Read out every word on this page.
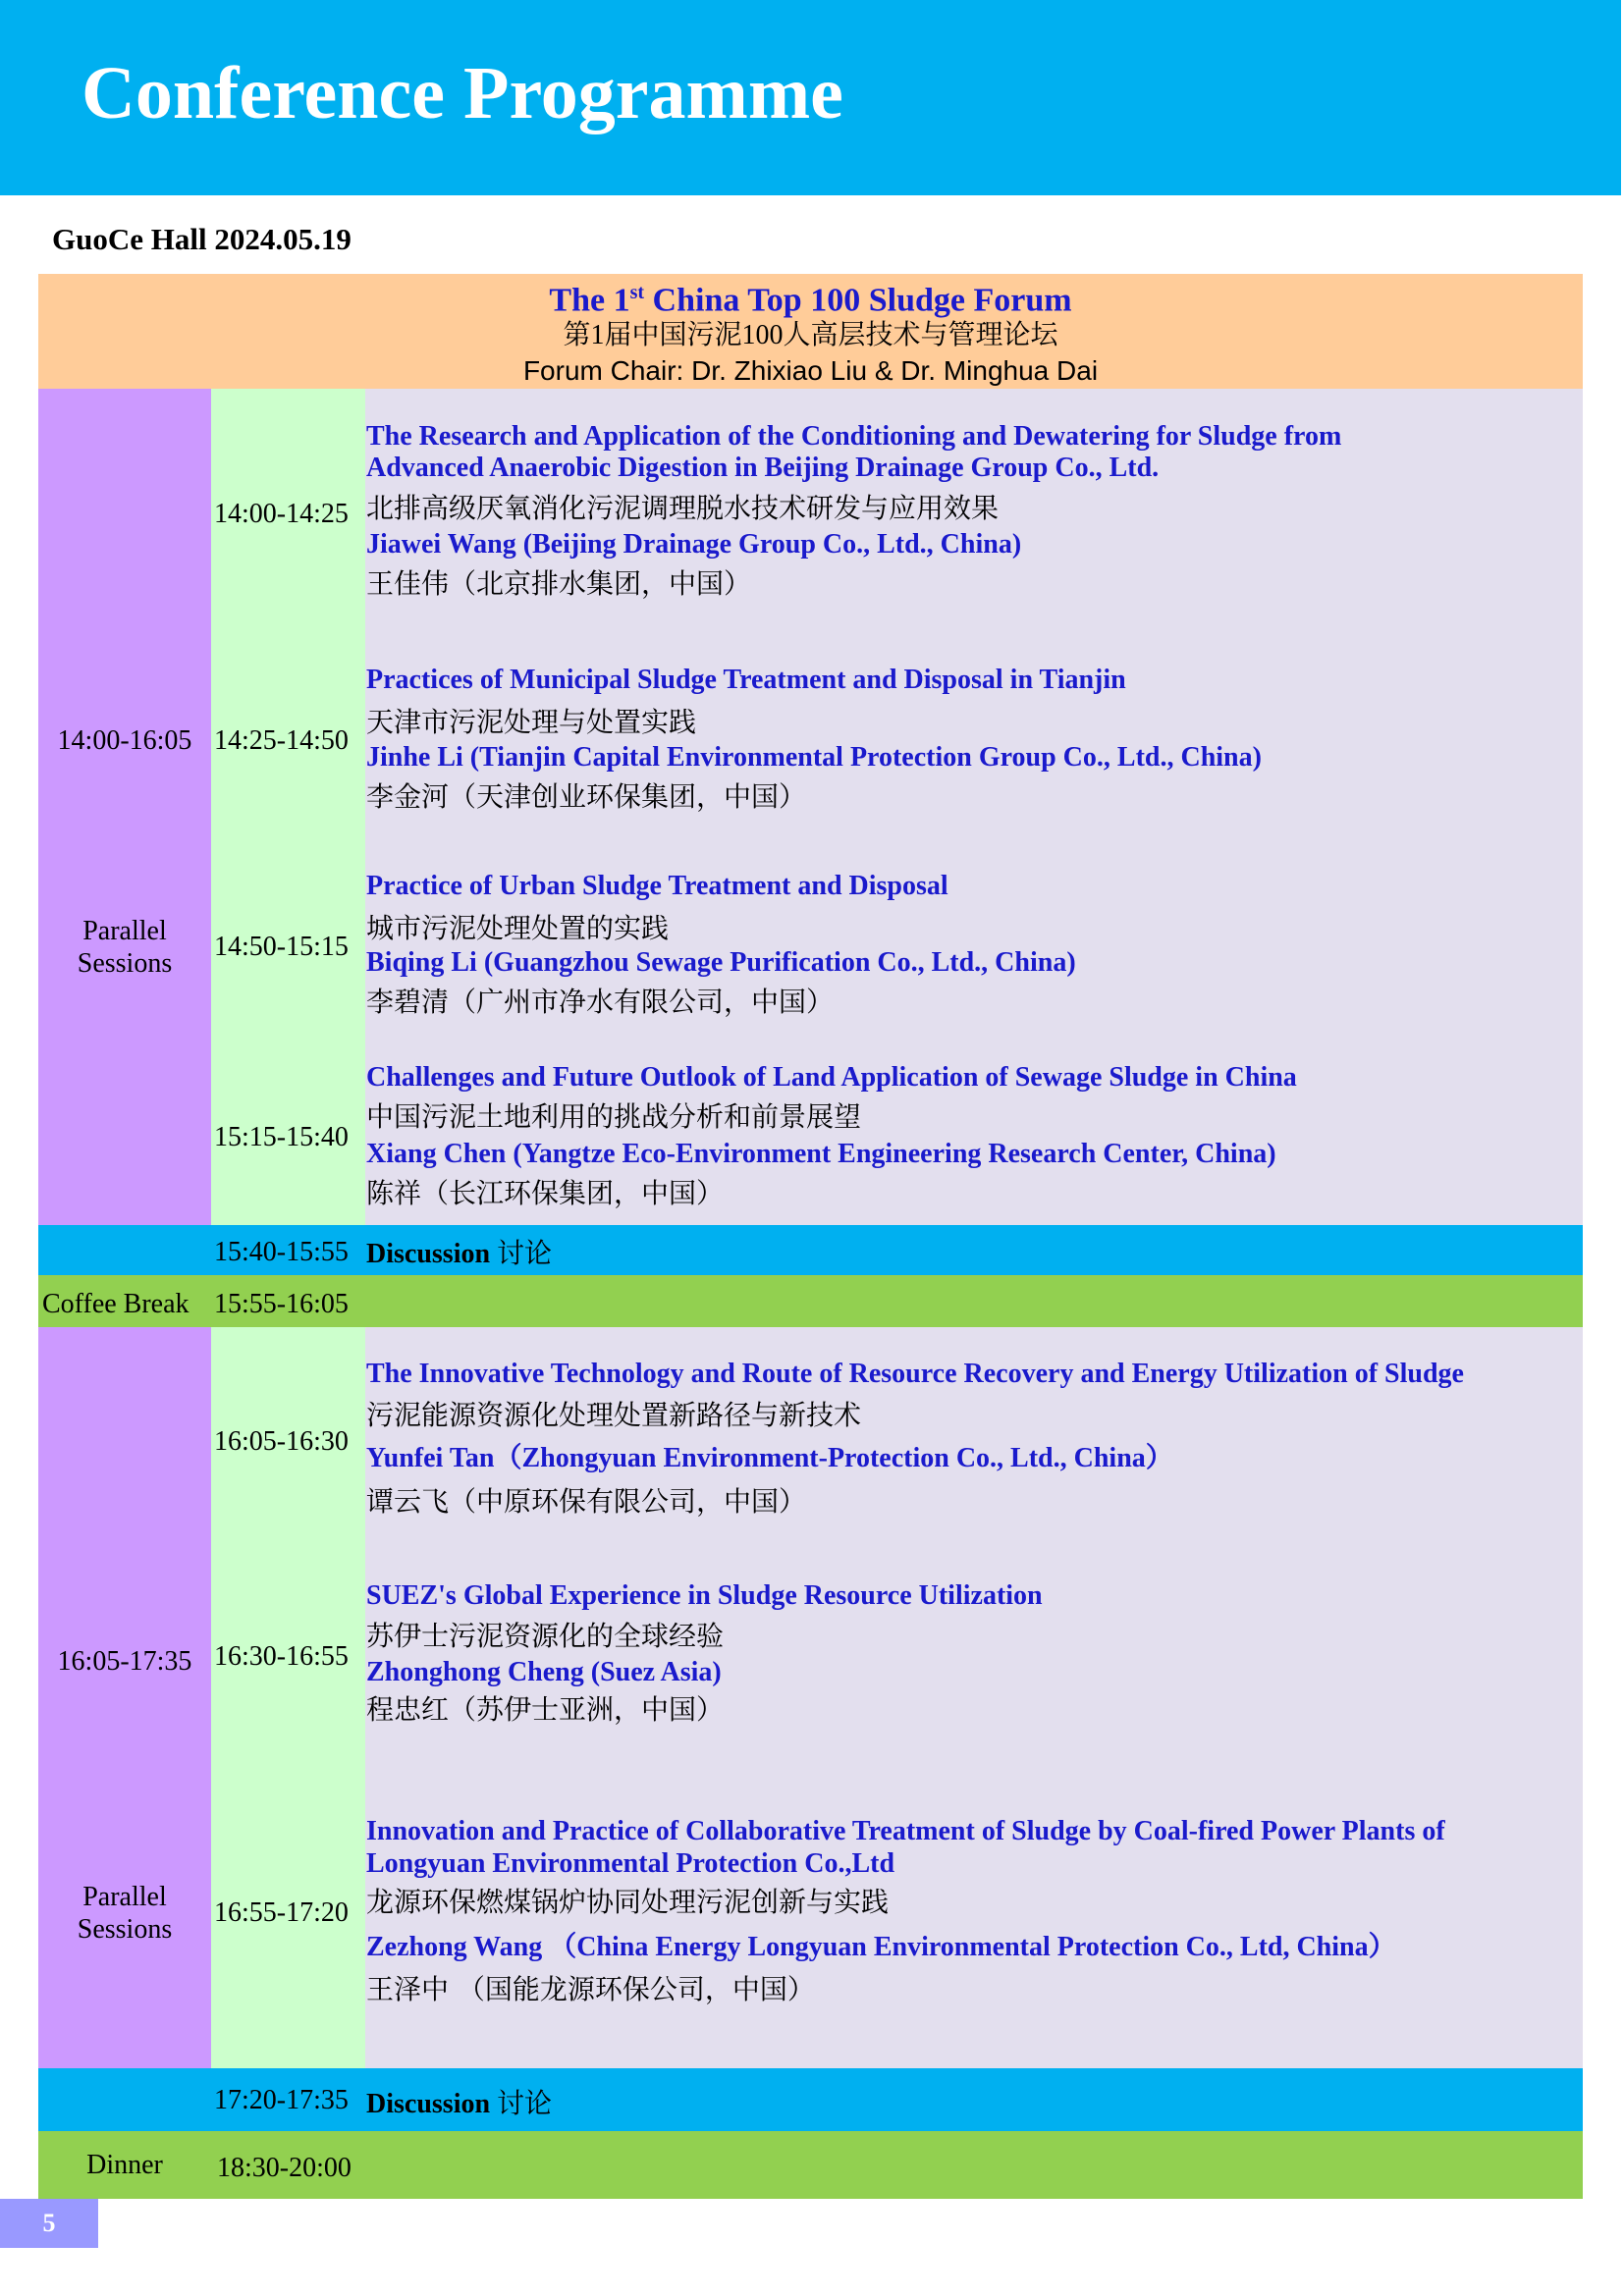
Conference Programme
GuoCe Hall 2024.05.19
The 1st China Top 100 Sludge Forum
第1届中国污泥100人高层技术与管理论坛
Forum Chair: Dr. Zhixiao Liu & Dr. Minghua Dai
14:00-16:05
Parallel
Sessions
14:00-14:25
The Research and Application of the Conditioning and Dewatering for Sludge from
Advanced Anaerobic Digestion in Beijing Drainage Group Co., Ltd.
北排高级厌氧消化污泥调理脱水技术研发与应用效果
Jiawei Wang (Beijing Drainage Group Co., Ltd., China)
王佳伟（北京排水集团，中国）
14:25-14:50
Practices of Municipal Sludge Treatment and Disposal in Tianjin
天津市污泥处理与处置实践
Jinhe Li (Tianjin Capital Environmental Protection Group Co., Ltd., China)
李金河（天津创业环保集团，中国）
14:50-15:15
Practice of Urban Sludge Treatment and Disposal
城市污泥处理处置的实践
Biqing Li (Guangzhou Sewage Purification Co., Ltd., China)
李碧清（广州市净水有限公司，中国）
15:15-15:40
Challenges and Future Outlook of Land Application of Sewage Sludge in China
中国污泥土地利用的挑战分析和前景展望
Xiang Chen (Yangtze Eco-Environment Engineering Research Center, China)
陈祥（长江环保集团，中国）
15:40-15:55 Discussion 讨论
Coffee Break 15:55-16:05
16:05-17:35
Parallel
Sessions
16:05-16:30
The Innovative Technology and Route of Resource Recovery and Energy Utilization of Sludge
污泥能源资源化处理处置新路径与新技术
Yunfei Tan（Zhongyuan Environment-Protection Co., Ltd., China）
谭云飞（中原环保有限公司，中国）
16:30-16:55
SUEZ's Global Experience in Sludge Resource Utilization
苏伊士污泥资源化的全球经验
Zhonghong Cheng (Suez Asia)
程忠红（苏伊士亚洲，中国）
16:55-17:20
Innovation and Practice of Collaborative Treatment of Sludge by Coal-fired Power Plants of
Longyuan Environmental Protection Co.,Ltd
龙源环保燃煤锅炉协同处理污泥创新与实践
Zezhong Wang （China Energy Longyuan Environmental Protection Co., Ltd, China）
王泽中 （国能龙源环保公司，中国）
17:20-17:35 Discussion 讨论
Dinner	18:30-20:00
5
